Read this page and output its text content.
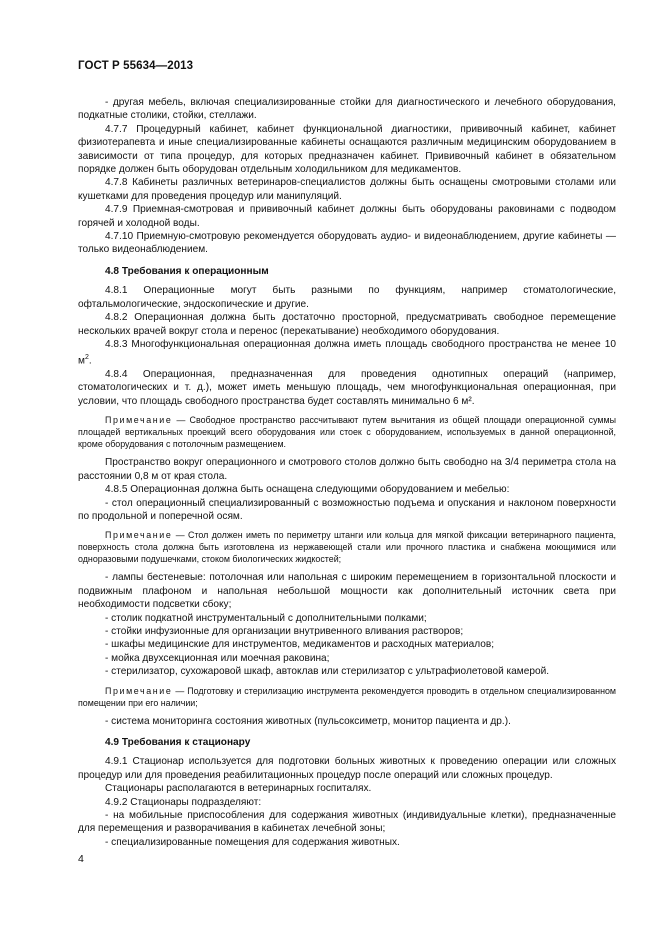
ГОСТ Р 55634—2013

- другая мебель, включая специализированные стойки для диагностического и лечебного оборудования, подкатные столики, стойки, стеллажи.

4.7.7 Процедурный кабинет, кабинет функциональной диагностики, прививочный кабинет, кабинет физиотерапевта и иные специализированные кабинеты оснащаются различным медицинским оборудованием в зависимости от типа процедур, для которых предназначен кабинет. Прививочный кабинет в обязательном порядке должен быть оборудован отдельным холодильником для медикаментов.

4.7.8 Кабинеты различных ветеринаров-специалистов должны быть оснащены смотровыми столами или кушетками для проведения процедур или манипуляций.

4.7.9 Приемная-смотровая и прививочный кабинет должны быть оборудованы раковинами с подводом горячей и холодной воды.

4.7.10 Приемную-смотровую рекомендуется оборудовать аудио- и видеонаблюдением, другие кабинеты — только видеонаблюдением.

4.8 Требования к операционным

4.8.1 Операционные могут быть разными по функциям, например стоматологические, офтальмологические, эндоскопические и другие.

4.8.2 Операционная должна быть достаточно просторной, предусматривать свободное перемещение нескольких врачей вокруг стола и перенос (перекатывание) необходимого оборудования.

4.8.3 Многофункциональная операционная должна иметь площадь свободного пространства не менее 10 $м^2$.

4.8.4 Операционная, предназначенная для проведения однотипных операций (например, стоматологических и т. д.), может иметь меньшую площадь, чем многофункциональная операционная, при условии, что площадь свободного пространства будет составлять минимально 6 м².

Примечание — Свободное пространство рассчитывают путем вычитания из общей площади операционной суммы площадей вертикальных проекций всего оборудования или стоек с оборудованием, используемых в данной операционной, кроме оборудования с потолочным размещением.

Пространство вокруг операционного и смотрового столов должно быть свободно на 3/4 периметра стола на расстоянии 0,8 м от края стола.

4.8.5 Операционная должна быть оснащена следующими оборудованием и мебелью:

- стол операционный специализированный с возможностью подъема и опускания и наклоном поверхности по продольной и поперечной осям.

Примечание — Стол должен иметь по периметру штанги или кольца для мягкой фиксации ветеринарного пациента, поверхность стола должна быть изготовлена из нержавеющей стали или прочного пластика и снабжена моющимися или одноразовыми подушечками, стоком биологических жидкостей;

- лампы бестеневые: потолочная или напольная с широким перемещением в горизонтальной плоскости и подвижным плафоном и напольная небольшой мощности как дополнительный источник света при необходимости подсветки сбоку;

- столик подкатной инструментальный с дополнительными полками;

- стойки инфузионные для организации внутривенного вливания растворов;

- шкафы медицинские для инструментов, медикаментов и расходных материалов;

- мойка двухсекционная или моечная раковина;

- стерилизатор, сухожаровой шкаф, автоклав или стерилизатор с ультрафиолетовой камерой.

Примечание — Подготовку и стерилизацию инструмента рекомендуется проводить в отдельном специализированном помещении при его наличии;

- система мониторинга состояния животных (пульсоксиметр, монитор пациента и др.).

4.9 Требования к стационару

4.9.1 Стационар используется для подготовки больных животных к проведению операции или сложных процедур или для проведения реабилитационных процедур после операций или сложных процедур.

Стационары располагаются в ветеринарных госпиталях.

4.9.2 Стационары подразделяют:

- на мобильные приспособления для содержания животных (индивидуальные клетки), предназначенные для перемещения и разворачивания в кабинетах лечебной зоны;

- специализированные помещения для содержания животных.

4
